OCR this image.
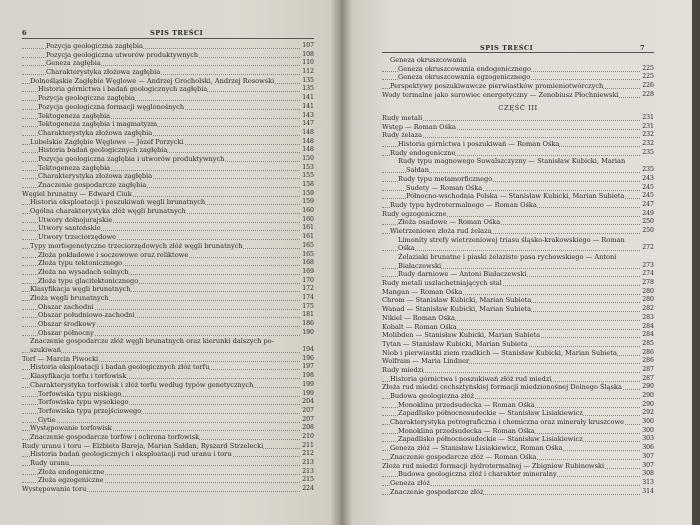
6	SPIS TREŚCI
Pozycja geologiczna zagłębia	107
Pozycja geologiczna utworów produktywnych	108
Geneza zagłębia	110
Charakterystyka złożowa zagłębia	112
Dolnośląskie Zagłębie Węglowe — Andrzej Grocholski, Andrzej Rosowski	135
Historia górnictwa i badań geologicznych zagłębia	135
Pozycja geologiczna zagłębia	141
Pozycja geologiczna formacji węglonośnych	141
Tektogeneza zagłębia	143
Tektogeneza zagłębia i magmatyzm	147
Charakterystyka złożowa zagłębia	148
Lubelskie Zagłębie Węglowe — Józef Porzycki	148
Historia badań geologicznych zagłębia	148
Pozycja geologiczna zagłębia i utworów produktywnych	150
Tektogeneza zagłębia	153
Charakterystyka złożowa zagłębia	155
Znaczenie gospodarcze zagłębia	158
Węgiel brunatny — Edward Ciuk	159
Historia eksploatacji i poszukiwań węgli brunatnych	159
Ogólna charakterystyka złóż węgli brunatnych	160
Utwory dolnojurajskie	160
Utwory santońskie	161
Utwory trzeciorzędowe	161
Typy morfogenetyczne trzeciorzędowych złóż węgli brunatnych	165
Złoża pokładowe i soczewowe oraz reliktowe	165
Złoża typu tektonicznego	168
Złoża na wysadach solnych	169
Złoża typu glacitektonicznego	170
Klasyfikacja węgli brunatnych	172
Złoża węgli brunatnych	174
Obszar zachodni	175
Obszar południowo-zachodni	181
Obszar środkowy	186
Obszar północny	190
Znaczenie gospodarcze złóż węgli brunatnych oraz kierunki dalszych po-
szukiwań	194
Torf — Marcin Piwocki	196
Historia eksploatacji i badań geologicznych złóż torfu	197
Klasyfikacja torfu i torfowisk	198
Charakterystyka torfowisk i złóż torfu według typów genetycznych	199
Torfowiska typu niskiego	199
Torfowiska typu wysokiego	204
Torfowiska typu przejściowego	207
Gytie	207
Występowanie torfowisk	208
Znaczenie gospodarcze torfów i ochrona torfowisk	210
Rudy uranu i toru — Elżbieta Bareja, Marian Sałdan, Ryszard Strzelecki	211
Historia badań geologicznych i eksploatacji rud uranu i toru	212
Rudy uranu	213
Złoża endogeniczne	213
Złoża egzogeniczne	215
Występowanie toru	224
SPIS TREŚCI	7
Geneza okruszcowania
Geneza okruszcowania endogenicznego	225
Geneza okruszcowania egzogenicznego	225
Perspektywy poszukiwawcze pierwiastków promieniotwórczych	226
Wody termalne jako surowiec energetyczny — Zenobiusz Płochniewski	228
CZĘŚĆ III
Rudy metali	231
Wstęp — Roman Ośka	231
Rudy żelaza	232
Historia górnictwa i poszukiwań — Roman Ośka	232
Rudy endogeniczne	235
Rudy typu magnowego Suwalszczyzny — Stanisław Kubicki, Marian
Sałdan	235
Rudy typu metamorficznego	243
Sudety — Roman Ośka	245
Północno-wschodnia Polska — Stanisław Kubicki, Marian Subieta	245
Rudy typu hydrotermalnego — Roman Ośka	247
Rudy egzogeniczne	249
Złoża osadowe — Roman Ośka	250
Wietrzeniowe złoża rud żelaza	250
Limonity strefy wietrzeniowej triasu śląsko-krakowskiego — Roman
Ośka	272
Żelaziaki brunatne i piaski żelaziste pasa rychowskiego — Antoni
Białaczewski	273
Rudy darniowe — Antoni Białaczewski	274
Rudy metali uszlachetniających stal	278
Mangan — Roman Ośka	280
Chrom — Stanisław Kubicki, Marian Subieta	280
Wanad — Stanisław Kubicki, Marian Subieta	282
Nikiel — Roman Ośka	283
Kobalt — Roman Ośka	284
Molibden — Stanisław Kubicki, Marian Subieta	284
Tytan — Stanisław Kubicki, Marian Subieta	285
Niob i pierwiastki ziem rzadkich — Stanisław Kubicki, Marian Subieta	286
Wolfram — Maria Lindner	286
Rudy miedzi	287
Historia górnictwa i poszukiwań złóż rud miedzi	287
Złoża rud miedzi cechsztyńskiej formacji miedzionośnej Dolnego Śląska	290
Budowa geologiczna złóż	290
Monoklina przedsudecka — Roman Ośka	290
Zapadlisko północnosudeckie — Stanisław Lisiakiewicz	292
Charakterystyka petrograficzna i chemiczna oraz minerały kruszcowe	300
Monoklina przedsudecka — Roman Ośka	300
Zapadlisko północnosudeckie — Stanisław Lisiakiewicz	303
Geneza złóż — Stanisław Lisiakiewicz, Roman Ośka	306
Znaczenie gospodarcze złóż — Roman Ośka	307
Złoża rud miedzi formacji hydrotermalnej — Zbigniew Rubinowski	307
Budowa geologiczna złóż i charakter mineralny	308
Geneza złóż	313
Znaczenie gospodarcze złóż	314
